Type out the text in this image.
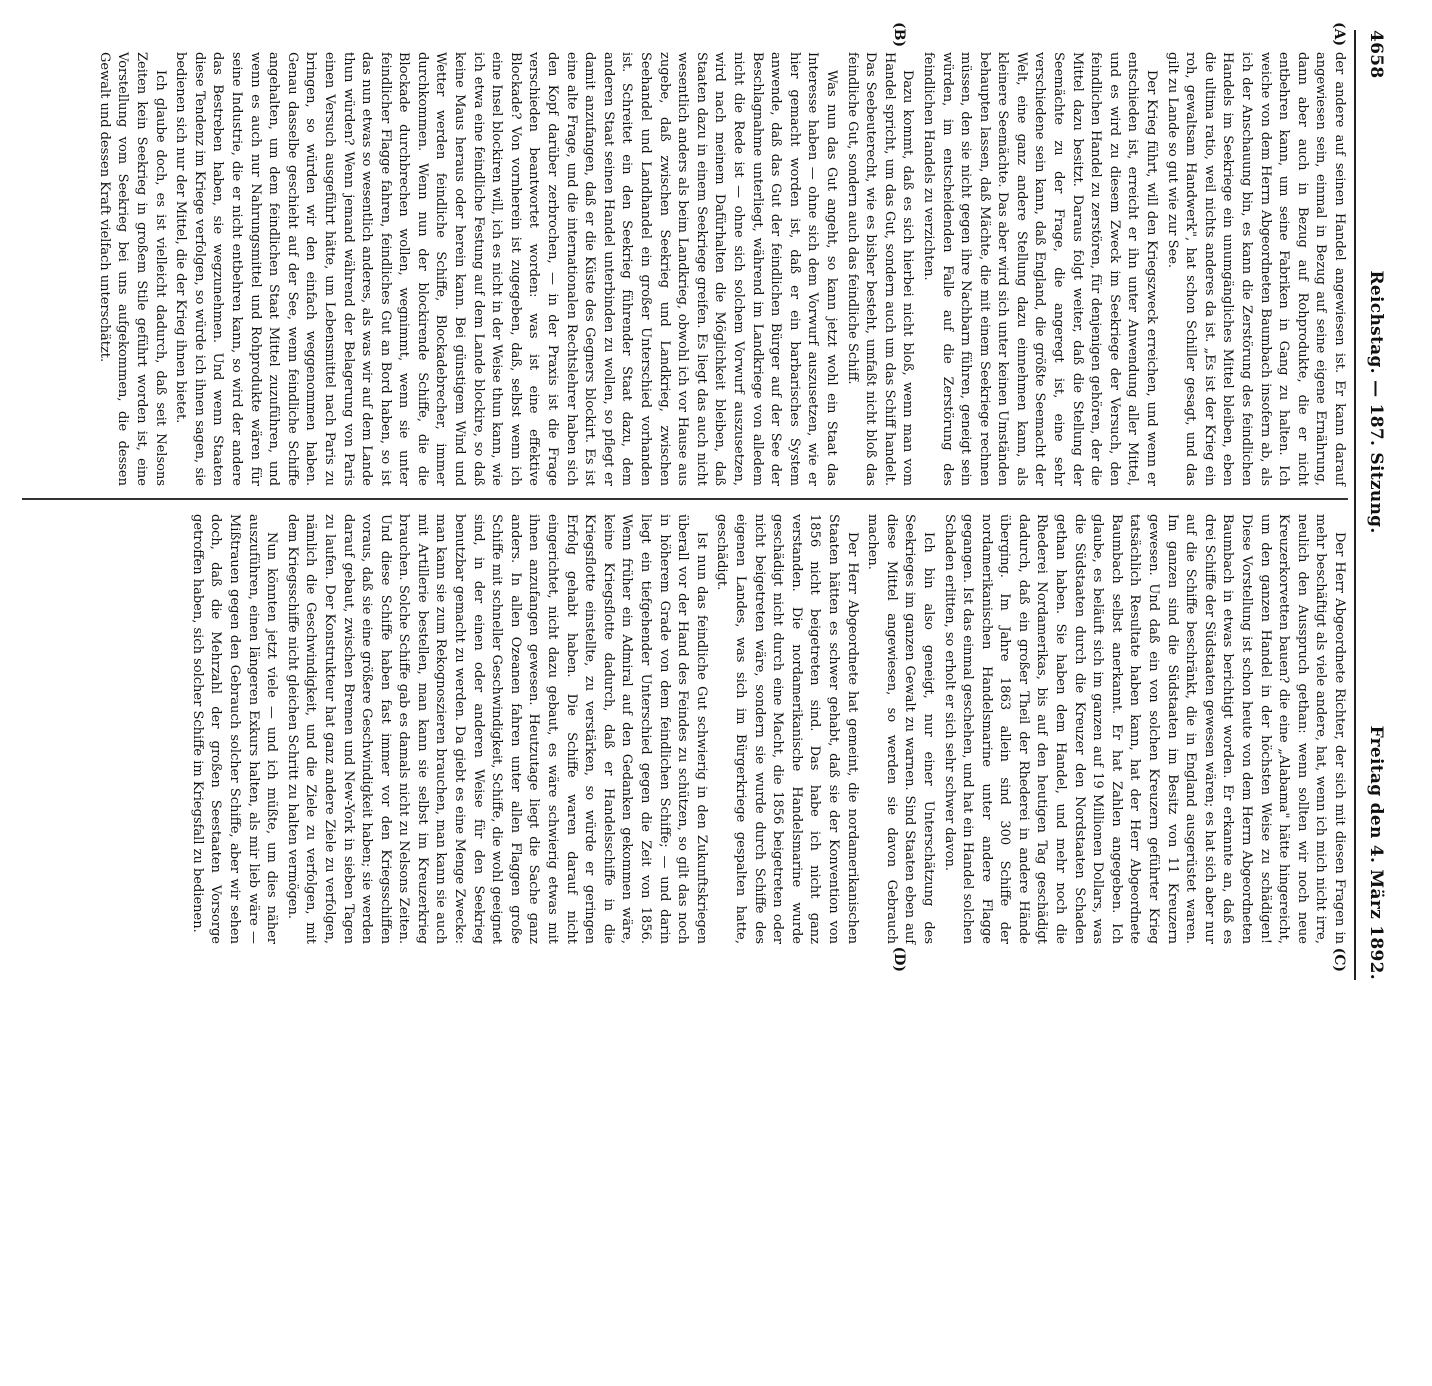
4658
Reichstag. — 187. Sitzung.
Freitag den 4. März 1892.
(A)
(B)

der andere auf seinen Handel angewiesen ist. Er kann darauf angewiesen sein, einmal in Bezug auf seine eigene Ernährung, dann aber auch in Bezug auf Rohprodukte, die er nicht entbehren kann, um seine Fabriken in Gang zu halten. Ich weiche von dem Herrn Abgeordneten Baumbach insofern ab, als ich der Anschauung bin, es kann die Zerstörung des feindlichen Handels im Seekriege ein unumgängliches Mittel bleiben, eben die ultima ratio, weil nichts anderes da ist. „Es ist der Krieg ein roh, gewaltsam Handwerk", hat schon Schiller gesagt, und das gilt zu Lande so gut wie zur See.

Der Krieg führt, will den Kriegszweck erreichen, und wenn er entschieden ist, erreicht er ihn unter Anwendung aller Mittel, und es wird zu diesem Zweck im Seekriege der Versuch, den feindlichen Handel zu zerstören, für denjenigen gehören, der die Mittel dazu besitzt. Daraus folgt weiter, daß die Stellung der Seemächte zu der Frage, die angeregt ist, eine sehr verschiedene sein kann, daß England, die größte Seemacht der Welt, eine ganz andere Stellung dazu einnehmen kann, als kleinere Seemächte. Das aber wird sich unter keinen Umständen behaupten lassen, daß Mächte, die mit einem Seekriege rechnen müssen, den sie nicht gegen ihre Nachbarn führen, geneigt sein würden, im entscheidenden Falle auf die Zerstörung des feindlichen Handels zu verzichten.

Dazu kommt, daß es sich hierbei nicht bloß, wenn man vom Handel spricht, um das Gut, sondern auch um das Schiff handelt. Das Seebeuterecht, wie es bisher besteht, umfaßt nicht bloß das feindliche Gut, sondern auch das feindliche Schiff.

Was nun das Gut angeht, so kann jetzt wohl ein Staat das Interesse haben — ohne sich dem Vorwurf auszusetzen, wie er hier gemacht worden ist, daß er ein barbarisches System anwende, daß das Gut der feindlichen Bürger auf der See der Beschlagnahme unterliegt, während im Landkriege von alledem nicht die Rede ist — ohne sich solchem Vorwurf auszusetzen, wird nach meinem Dafürhalten die Möglichkeit bleiben, daß Staaten dazu in einem Seekriege greifen. Es liegt das auch nicht wesentlich anders als beim Landkrieg, obwohl ich vor Hause aus zugebe, daß zwischen Seekrieg und Landkrieg, zwischen Seehandel und Landhandel ein großer Unterschied vorhanden ist. Schreitet ein den Seekrieg führender Staat dazu, dem anderen Staat seinen Handel unterbinden zu wollen, so pflegt er damit anzufangen, daß er die Küste des Gegners blockirt. Es ist eine alte Frage, und die internationalen Rechtslehrer haben sich den Kopf darüber zerbrochen, — in der Praxis ist die Frage verschieden beantwortet worden: was ist eine effektive Blockade? Von vornherein ist zugegeben, daß, selbst wenn ich eine Insel blockiren will, ich es nicht in der Weise thun kann, wie ich etwa eine feindliche Festung auf dem Lande blockire, so daß keine Maus heraus oder herein kann. Bei günstigem Wind und Wetter werden feindliche Schiffe, Blockadebrecher, immer durchkommen. Wenn nun der blockirende Schiffe, die die Blockade durchbrechen wollen, wegnimmt, wenn sie unter feindlicher Flagge fahren, feindliches Gut an Bord haben, so ist das nun etwas so wesentlich anderes, als was wir auf dem Lande thun würden? Wenn jemand während der Belagerung von Paris einen Versuch ausgeführt hätte, um Lebensmittel nach Paris zu bringen, so würden wir den einfach weggenommen haben. Genau dasselbe geschieht auf der See, wenn feindliche Schiffe angehalten, um dem feindlichen Staat Mittel zuzuführen, und wenn es auch nur Nahrungsmittel und Rohprodukte wären für seine Industrie, die er nicht entbehren kann, so wird der andere das Bestreben haben, sie wegzunehmen. Und wenn Staaten diese Tendenz im Kriege verfolgen, so würde ich ihnen sagen, sie bedienen sich nur der Mittel, die der Krieg ihnen bietet.

Ich glaube doch, es ist vielleicht dadurch, daß seit Nelsons Zeiten kein Seekrieg in großem Stile geführt worden ist, eine Vorstellung vom Seekrieg bei uns aufgekommen, die dessen Gewalt und dessen Kraft vielfach unterschätzt.

(C)
(D)

Der Herr Abgeordnete Richter, der sich mit diesen Fragen in mehr beschäftigt als viele andere, hat, wenn ich mich nicht irre, neulich den Ausspruch gethan: wenn sollten wir noch neue Kreuzerkorvetten bauen? die eine „Alabama" hätte hingereicht, um den ganzen Handel in der höchsten Weise zu schädigen! Diese Vorstellung ist schon heute von dem Herrn Abgeordneten Baumbach in etwas berichtigt worden. Er erkannte an, daß es drei Schiffe der Südstaaten gewesen wären; es hat sich aber nur auf die Schiffe beschränkt, die in England ausgerüstet waren. Im ganzen sind die Südstaaten im Besitz von 11 Kreuzern gewesen. Und daß ein von solchen Kreuzern geführter Krieg tatsächlich Resultate haben kann, hat der Herr Abgeordnete Baumbach selbst anerkannt. Er hat Zahlen angegeben. Ich glaube, es beläuft sich im ganzen auf 19 Millionen Dollars, was die Südstaaten durch die Kreuzer den Nordstaaten Schaden gethan haben. Sie haben dem Handel, und mehr noch die Rhederei Nordamerikas, bis auf den heutigen Tag geschädigt dadurch, daß ein großer Theil der Rhederei in andere Hände überging. Im Jahre 1863 allein sind 300 Schiffe der nordamerikanischen Handelsmarine unter andere Flagge gegangen. Ist das einmal geschehen, und hat ein Handel solchen Schaden erlitten, so erholt er sich sehr schwer davon.

Ich bin also geneigt, nur einer Unterschätzung des Seekrieges im ganzen Gewalt zu warnen. Sind Staaten eben auf diese Mittel angewiesen, so werden sie davon Gebrauch machen.

Der Herr Abgeordnete hat gemeint, die nordamerikanischen Staaten hätten es schwer gehabt, daß sie der Konvention von 1856 nicht beigetreten sind. Das habe ich nicht ganz verstanden. Die nordamerikanische Handelsmarine wurde geschädigt nicht durch eine Macht, die 1856 beigetreten oder nicht beigetreten wäre, sondern sie wurde durch Schiffe des eigenen Landes, was sich im Bürgerkriege gespalten hatte, geschädigt.

Ist nun das feindliche Gut schwierig in den Zukunftskriegen überall vor der Hand des Feindes zu schützen, so gilt das noch in höherem Grade von dem feindlichen Schiffe; — und darin liegt ein tiefgehender Unterschied gegen die Zeit von 1856. Wenn früher ein Admiral auf den Gedanken gekommen wäre, keine Kriegsflotte dadurch, daß er Handelsschiffe in die Kriegsflotte einstellte, zu verstärken, so würde er geringen Erfolg gehabt haben. Die Schiffe waren darauf nicht eingerichtet, nicht dazu gebaut, es wäre schwierig etwas mit ihnen anzufangen gewesen. Heutzutage liegt die Sache ganz anders. In allen Ozeanen fahren unter allen Flaggen große Schiffe mit schneller Geschwindigkeit, Schiffe, die wohl geeignet sind, in der einen oder anderen Weise für den Seekrieg benutzbar gemacht zu werden. Da giebt es eine Menge Zwecke: man kann sie zum Rekognoszieren brauchen, man kann sie auch mit Artillerie bestellen, man kann sie selbst im Kreuzerkrieg brauchen. Solche Schiffe gab es damals nicht zu Nelsons Zeiten. Und diese Schiffe haben fast immer vor den Kriegsschiffen voraus, daß sie eine größere Geschwindigkeit haben; sie werden darauf gebaut, zwischen Bremen und New-York in sieben Tagen zu laufen. Der Konstrukteur hat ganz andere Ziele zu verfolgen, nämlich die Geschwindigkeit, und die Ziele zu verfolgen, mit dem Kriegsschiffe nicht gleichen Schritt zu halten vermögen.

Nun könnten jetzt viele — und ich müßte, um dies näher auszuführen, einen längeren Exkurs halten, als mir lieb wäre — Mißtrauen gegen den Gebrauch solcher Schiffe, aber wir sehen doch, daß die Mehrzahl der großen Seestaaten Vorsorge getroffen haben, sich solcher Schiffe im Kriegsfall zu bedienen.
